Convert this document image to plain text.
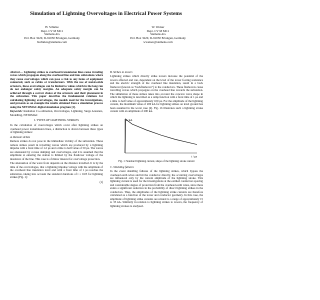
Simulation of Lightning Overvoltages in Electrical Power Systems
H. Schulze
Dept. CV M MC1
Siemens AG
P.O. Box 3220, D-91050 Erlangen, Germany
hschulze@siemens.com
W. Weiser
Dept. CV M MC1
Siemens AG
P.O. Box 3220, D-91050 Erlangen, Germany
wweiser@siemens.com

Abstract— Lightning strikes to overhead transmission lines cause traveling waves which propagate along the overhead line and into substations where they cause overvoltages which can pose a risk to any items of equipment connected, such as cables or transformers. With the use of metal-oxide arresters, these overvoltages can be limited to values which in the long run do not endanger safety margins. An adequate safety margin can be achieved through a correct choice of the arresters and their placement in the substation. This paper describes the fundamental relations for calculating lightning overvoltages, the models used for the investigations, and presents as an example the results obtained from a simulation process using the NETOMAC digital simulation program [1].

Keywords: Insulation Co-ordination, Overvoltages, Lightning, Surge Arresters, Modelling, NETOMAC

I. TYPES OF LIGHTNING STRIKES

In the calculation of overvoltages which occur after lightning strikes on overhead power transmission lines, a distinction is drawn between three types of lightning strikes:

A. Remote strikes

Remote strikes do not pose in the immediate vicinity of the substation. These remote strikes result in travelling waves which are produced by a lightning impulse with a front time of 1.2 µs and a time to half value of 50 µs. The waves are attenuated by corona damping and overvoltages, and it is assumed that the amplitude at entering the station is limited by the flashover voltage of the insulators of the line. This case is of minor interest for overvoltage protection.

The attenuation of the wave front depends on the distance travelled. It is by the time of the overvoltages, that a lightning impulse voltage with the amplitude of the overhead line insulation level and with a front time of 1 µs reaches the substation, taking into account the standard durations of t = 0.05 for lightning strikes (Fig. 1):

(1)
B. Strikes to towers

Lightning strikes which directly strike towers increase the potential of the towers affected and can, dependent on the level of the tower footing resistance and the electric strength of the overhead line insulation, result in a back flashover (known as "backflashover") to the conductors. These flashovers cause travelling waves which propagate on the overhead line towards the substation. The simulation of these strikes takes into account the concave wave shape in which the lightning is described as a ramp function with a front time of 1 µs and a time to half value of approximately 100 µs. For the amplitude of the lightning current, the maximum value of 200 kA for lightning strikes on level ground has been assumed in the worst case [4]. Fig. 1b illustrates such a lightning stroke current with an amplitude of 200 kA.

t / µs
i / kA
Fig. 1: Standard lightning current, shape of the lightning stroke current
C. Shielding failures

In the event shielding failures of the lightning strikes, which bypass the overhead earth wires and hit the conductor directly, the occurring overvoltages are influenced only by the current amplitude of the lightning stroke. This lightning current is used for the investigations at the earthed conductors spacing and considerable degree of protection from the overhead earth wires, since there exists a significant reduction in the probability of direct lightning strikes in the conductors. Thus, the amplitudes of the lightning strike currents are therefore calculated as a function of the tower and conductor geometry. In this case, the amplitude of lightning strike currents are related to a range of approximately 15 to 35 kA. Similarly in relation to lightning strikes to towers, the frequency of lightning strokes is analysed.
